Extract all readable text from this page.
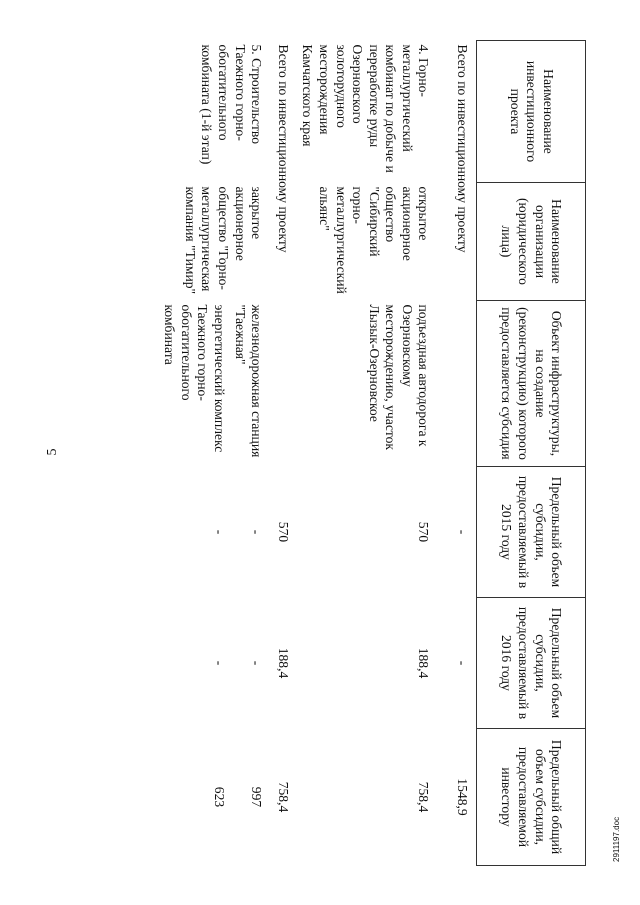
5
Наименование инвестиционного проекта	Наименование организации (юридического лица)	Объект инфраструктуры, на создание (реконструкцию) которого предоставляется субсидия	Предельный объем субсидии, предоставляемый в 2015 году	Предельный объем субсидии, предоставляемый в 2016 году	Предельный общий объем субсидии, предоставляемой инвестору
Всего по инвестиционному проекту			-	-	1548,9
4. Горно-металлургический комбинат по добыче и переработке руды Озерновского золоторудного месторождения Камчатского края	открытое акционерное общество "Сибирский горно-металлургический альянс"	подъездная автодорога к Озерновскому месторождению, участок Лызык-Озерновское	570	188,4	758,4
Всего по инвестиционному проекту			570	188,4	758,4
5. Строительство Таежного горно-обогатительного комбината (1-й этап)	закрытое акционерное общество "Горно-металлургическая компания "Тимир"	железнодорожная станция "Таежная"	-	-	997
		энергетический комплекс Таежного горно-обогатительного комбината	-	-	623
2911197.doc
